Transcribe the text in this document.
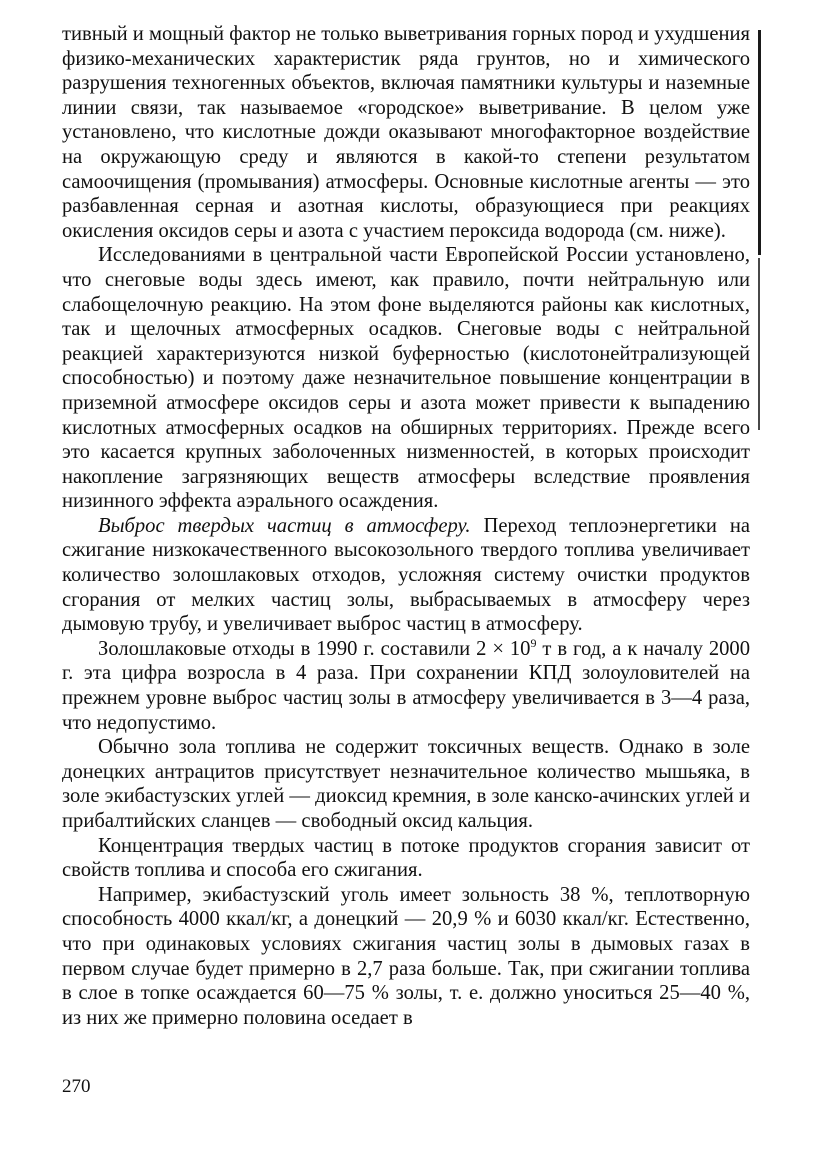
тивный и мощный фактор не только выветривания горных пород и ухудшения физико-механических характеристик ряда грунтов, но и химического разрушения техногенных объектов, включая памятники культуры и наземные линии связи, так называемое «городское» выветривание. В целом уже установлено, что кислотные дожди оказывают многофакторное воздействие на окружающую среду и являются в какой-то степени результатом самоочищения (промывания) атмосферы. Основные кислотные агенты — это разбавленная серная и азотная кислоты, образующиеся при реакциях окисления оксидов серы и азота с участием пероксида водорода (см. ниже).

Исследованиями в центральной части Европейской России установлено, что снеговые воды здесь имеют, как правило, почти нейтральную или слабощелочную реакцию. На этом фоне выделяются районы как кислотных, так и щелочных атмосферных осадков. Снеговые воды с нейтральной реакцией характеризуются низкой буферностью (кислотонейтрализующей способностью) и поэтому даже незначительное повышение концентрации в приземной атмосфере оксидов серы и азота может привести к выпадению кислотных атмосферных осадков на обширных территориях. Прежде всего это касается крупных заболоченных низменностей, в которых происходит накопление загрязняющих веществ атмосферы вследствие проявления низинного эффекта аэрального осаждения.

Выброс твердых частиц в атмосферу. Переход теплоэнергетики на сжигание низкокачественного высокозольного твердого топлива увеличивает количество золошлаковых отходов, усложняя систему очистки продуктов сгорания от мелких частиц золы, выбрасываемых в атмосферу через дымовую трубу, и увеличивает выброс частиц в атмосферу.

Золошлаковые отходы в 1990 г. составили $2 \times 10^9$ т в год, а к началу 2000 г. эта цифра возросла в 4 раза. При сохранении КПД золоуловителей на прежнем уровне выброс частиц золы в атмосферу увеличивается в 3—4 раза, что недопустимо.

Обычно зола топлива не содержит токсичных веществ. Однако в золе донецких антрацитов присутствует незначительное количество мышьяка, в золе экибастузских углей — диоксид кремния, в золе канско-ачинских углей и прибалтийских сланцев — свободный оксид кальция.

Концентрация твердых частиц в потоке продуктов сгорания зависит от свойств топлива и способа его сжигания.

Например, экибастузский уголь имеет зольность 38 %, теплотворную способность 4000 ккал/кг, а донецкий — 20,9 % и 6030 ккал/кг. Естественно, что при одинаковых условиях сжигания частиц золы в дымовых газах в первом случае будет примерно в 2,7 раза больше. Так, при сжигании топлива в слое в топке осаждается 60—75 % золы, т. е. должно уноситься 25—40 %, из них же примерно половина оседает в

270
